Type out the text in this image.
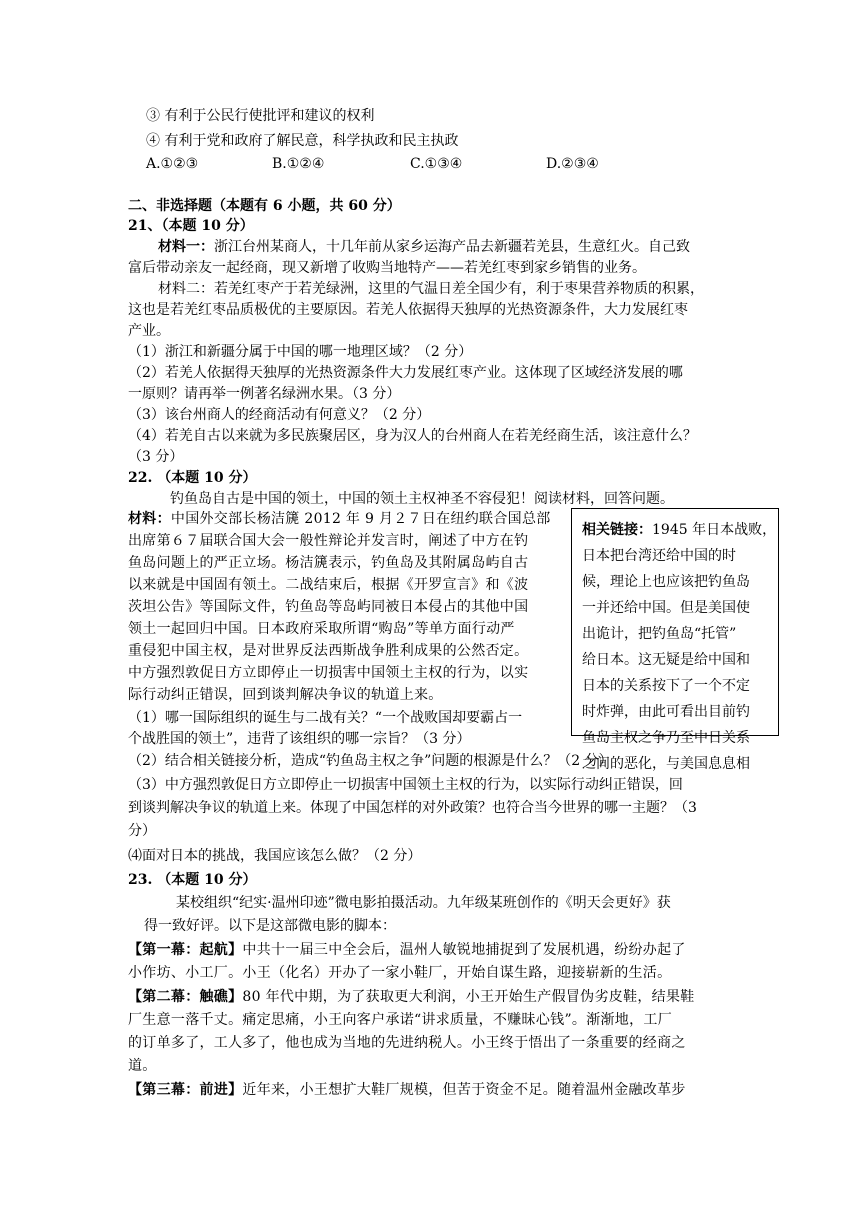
③ 有利于公民行使批评和建议的权利
④ 有利于党和政府了解民意，科学执政和民主执政
A.①②③	B.①②④	C.①③④	D.②③④
二、非选择题（本题有 6 小题，共 60 分）
21、（本题 10 分）
材料一：浙江台州某商人，十几年前从家乡运海产品去新疆若羌县，生意红火。自己致
富后带动亲友一起经商，现又新增了收购当地特产——若羌红枣到家乡销售的业务。
材料二：若羌红枣产于若羌绿洲，这里的气温日差全国少有，利于枣果营养物质的积累，
这也是若羌红枣品质极优的主要原因。若羌人依据得天独厚的光热资源条件，大力发展红枣
产业。
（1）浙江和新疆分属于中国的哪一地理区域？（2 分）
（2）若羌人依据得天独厚的光热资源条件大力发展红枣产业。这体现了区域经济发展的哪
一原则？请再举一例著名绿洲水果。（3 分）
（3）该台州商人的经商活动有何意义？（2 分）
（4）若羌自古以来就为多民族聚居区，身为汉人的台州商人在若羌经商生活，该注意什么？
（3 分）
22. （本题 10 分）
钓鱼岛自古是中国的领土，中国的领土主权神圣不容侵犯！阅读材料，回答问题。
材料：中国外交部长杨洁篪 2012 年 9 月２７日在纽约联合国总部
出席第６７届联合国大会一般性辩论并发言时，阐述了中方在钓
鱼岛问题上的严正立场。杨洁篪表示，钓鱼岛及其附属岛屿自古
以来就是中国固有领土。二战结束后，根据《开罗宣言》和《波
茨坦公告》等国际文件，钓鱼岛等岛屿同被日本侵占的其他中国
领土一起回归中国。日本政府采取所谓“购岛”等单方面行动严
重侵犯中国主权，是对世界反法西斯战争胜利成果的公然否定。
中方强烈敦促日方立即停止一切损害中国领土主权的行为，以实
际行动纠正错误，回到谈判解决争议的轨道上来。
相关链接：1945 年日本战败，
日本把台湾还给中国的时
候，理论上也应该把钓鱼岛
一并还给中国。但是美国使
出诡计，把钓鱼岛“托管”
给日本。这无疑是给中国和
日本的关系按下了一个不定
时炸弹，由此可看出目前钓
鱼岛主权之争乃至中日关系
之间的恶化，与美国息息相
（1）哪一国际组织的诞生与二战有关？“一个战败国却要霸占一
个战胜国的领土”，违背了该组织的哪一宗旨？（3 分）
（2）结合相关链接分析，造成“钓鱼岛主权之争”问题的根源是什么？（2 分）
（3）中方强烈敦促日方立即停止一切损害中国领土主权的行为，以实际行动纠正错误，回
到谈判解决争议的轨道上来。体现了中国怎样的对外政策？也符合当今世界的哪一主题？（3
分）
⑷面对日本的挑战，我国应该怎么做？（2 分）
23. （本题 10 分）
某校组织“纪实·温州印迹”微电影拍摄活动。九年级某班创作的《明天会更好》获
得一致好评。以下是这部微电影的脚本：
【第一幕：起航】中共十一届三中全会后，温州人敏锐地捕捉到了发展机遇，纷纷办起了
小作坊、小工厂。小王（化名）开办了一家小鞋厂，开始自谋生路，迎接崭新的生活。
【第二幕：触礁】80 年代中期，为了获取更大利润，小王开始生产假冒伪劣皮鞋，结果鞋
厂生意一落千丈。痛定思痛，小王向客户承诺“讲求质量，不赚昧心钱”。渐渐地，工厂
的订单多了，工人多了，他也成为当地的先进纳税人。小王终于悟出了一条重要的经商之
道。
【第三幕：前进】近年来，小王想扩大鞋厂规模，但苦于资金不足。随着温州金融改革步
